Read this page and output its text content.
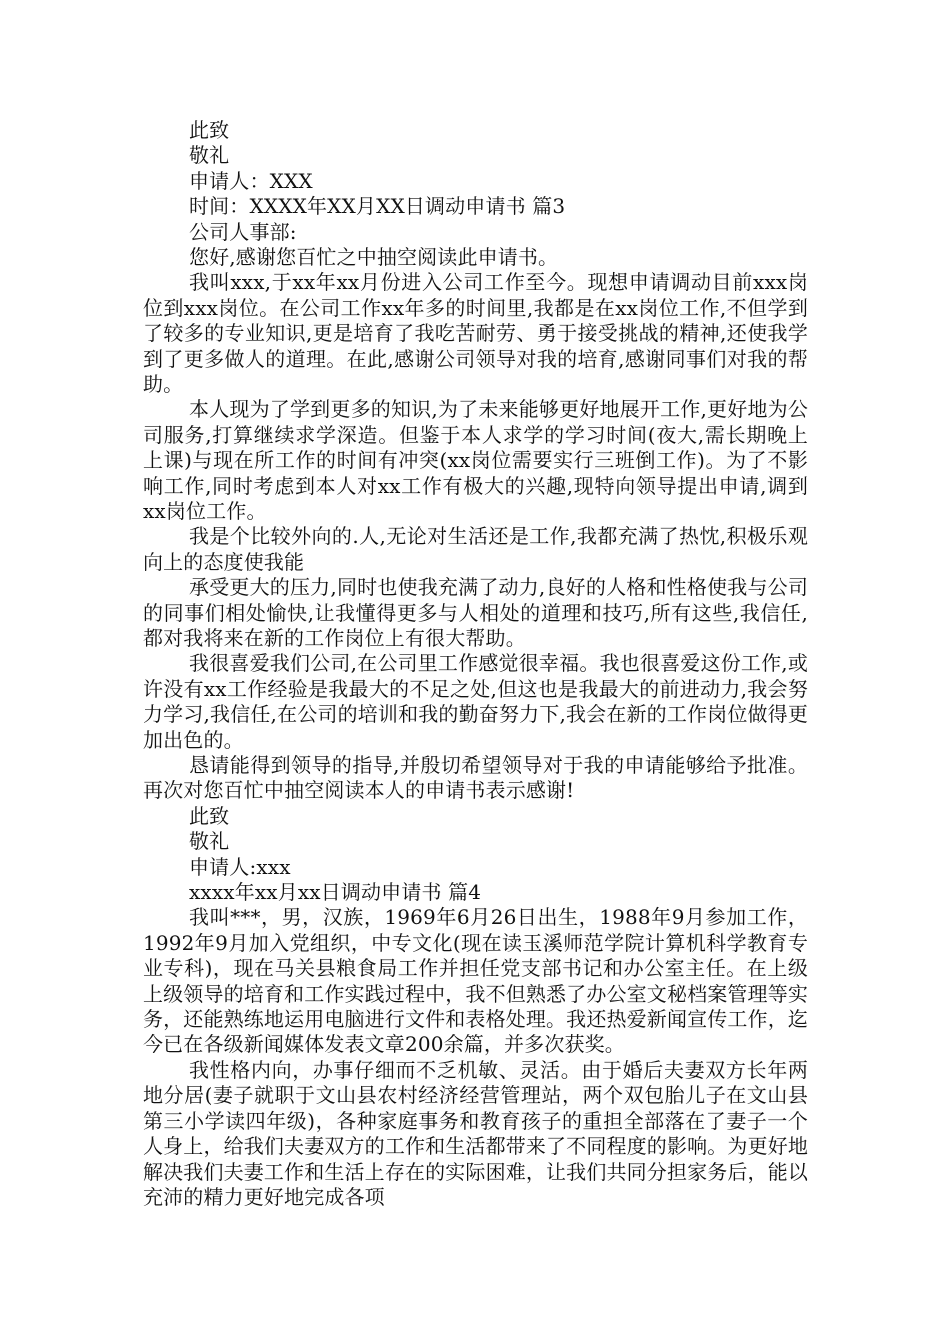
此致
敬礼
申请人：XXX
时间：XXXX年XX月XX日调动申请书 篇3
公司人事部:
您好,感谢您百忙之中抽空阅读此申请书。
我叫xxx,于xx年xx月份进入公司工作至今。现想申请调动目前xxx岗位到xxx岗位。在公司工作xx年多的时间里,我都是在xx岗位工作,不但学到了较多的专业知识,更是培育了我吃苦耐劳、勇于接受挑战的精神,还使我学到了更多做人的道理。在此,感谢公司领导对我的培育,感谢同事们对我的帮助。
本人现为了学到更多的知识,为了未来能够更好地展开工作,更好地为公司服务,打算继续求学深造。但鉴于本人求学的学习时间(夜大,需长期晚上上课)与现在所工作的时间有冲突(xx岗位需要实行三班倒工作)。为了不影响工作,同时考虑到本人对xx工作有极大的兴趣,现特向领导提出申请,调到xx岗位工作。
我是个比较外向的.人,无论对生活还是工作,我都充满了热忱,积极乐观向上的态度使我能
承受更大的压力,同时也使我充满了动力,良好的人格和性格使我与公司的同事们相处愉快,让我懂得更多与人相处的道理和技巧,所有这些,我信任,都对我将来在新的工作岗位上有很大帮助。
我很喜爱我们公司,在公司里工作感觉很幸福。我也很喜爱这份工作,或许没有xx工作经验是我最大的不足之处,但这也是我最大的前进动力,我会努力学习,我信任,在公司的培训和我的勤奋努力下,我会在新的工作岗位做得更加出色的。
恳请能得到领导的指导,并殷切希望领导对于我的申请能够给予批准。再次对您百忙中抽空阅读本人的申请书表示感谢!
此致
敬礼
申请人:xxx
xxxx年xx月xx日调动申请书 篇4
我叫***，男，汉族，1969年6月26日出生，1988年9月参加工作，1992年9月加入党组织，中专文化(现在读玉溪师范学院计算机科学教育专业专科)，现在马关县粮食局工作并担任党支部书记和办公室主任。在上级上级领导的培育和工作实践过程中，我不但熟悉了办公室文秘档案管理等实务，还能熟练地运用电脑进行文件和表格处理。我还热爱新闻宣传工作，迄今已在各级新闻媒体发表文章200余篇，并多次获奖。
我性格内向，办事仔细而不乏机敏、灵活。由于婚后夫妻双方长年两地分居(妻子就职于文山县农村经济经营管理站，两个双包胎儿子在文山县第三小学读四年级)，各种家庭事务和教育孩子的重担全部落在了妻子一个人身上，给我们夫妻双方的工作和生活都带来了不同程度的影响。为更好地解决我们夫妻工作和生活上存在的实际困难，让我们共同分担家务后，能以充沛的精力更好地完成各项
